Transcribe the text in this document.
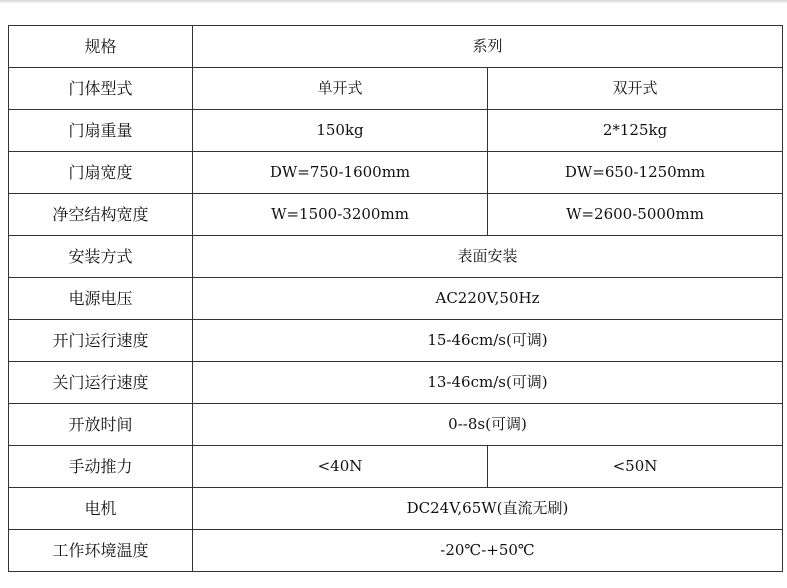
规格	系列	
门体型式	单开式	双开式
门扇重量	150kg	2*125kg
门扇宽度	DW=750-1600mm	DW=650-1250mm
净空结构宽度	W=1500-3200mm	W=2600-5000mm
安装方式	表面安装	
电源电压	AC220V,50Hz	
开门运行速度	15-46cm/s(可调)	
关门运行速度	13-46cm/s(可调)	
开放时间	0--8s(可调)	
手动推力	<40N	<50N
电机	DC24V,65W(直流无刷)	
工作环境温度	-20℃-+50℃	
